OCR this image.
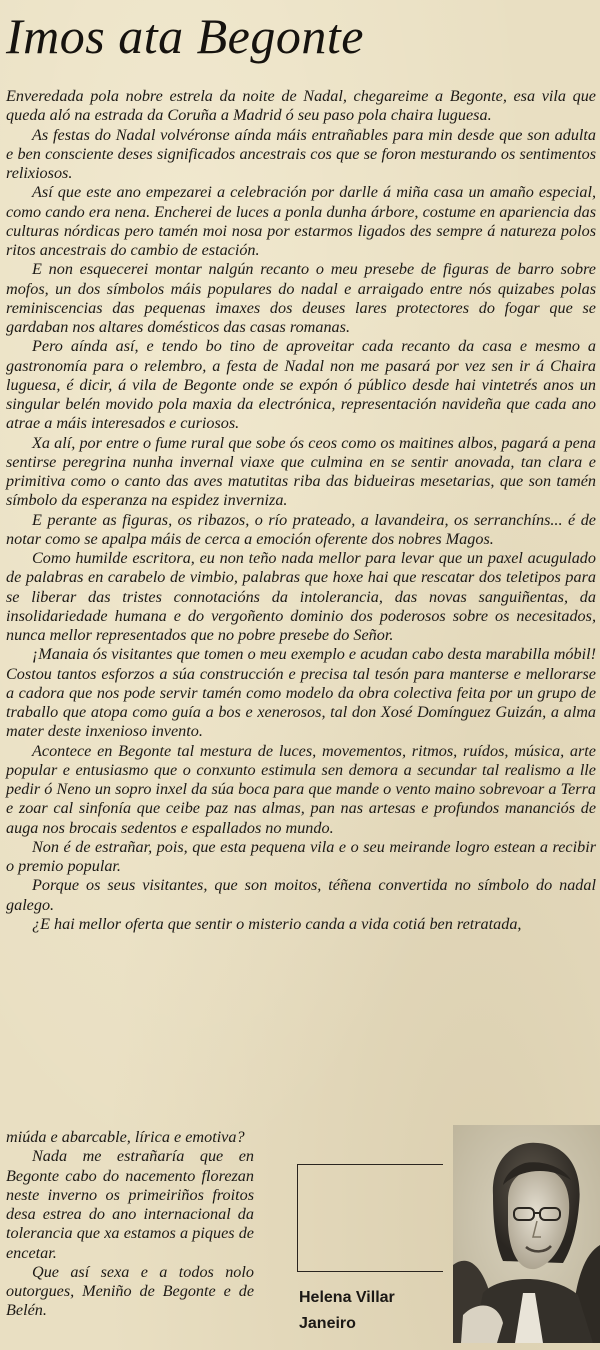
Imos ata Begonte

Enveredada pola nobre estrela da noite de Nadal, chegareime a Begonte, esa vila que queda aló na estrada da Coruña a Madrid ó seu paso pola chaira luguesa.

As festas do Nadal volvéronse aínda máis entrañables para min desde que son adulta e ben consciente deses significados ancestrais cos que se foron mesturando os sentimentos relixiosos.

Así que este ano empezarei a celebración por darlle á miña casa un amaño especial, como cando era nena. Encherei de luces a ponla dunha árbore, costume en apariencia das culturas nórdicas pero tamén moi nosa por estarmos ligados des sempre á natureza polos ritos ancestrais do cambio de estación.

E non esquecerei montar nalgún recanto o meu presebe de figuras de barro sobre mofos, un dos símbolos máis populares do nadal e arraigado entre nós quizabes polas reminiscencias das pequenas imaxes dos deuses lares protectores do fogar que se gardaban nos altares domésticos das casas romanas.

Pero aínda así, e tendo bo tino de aproveitar cada recanto da casa e mesmo a gastronomía para o relembro, a festa de Nadal non me pasará por vez sen ir á Chaira luguesa, é dicir, á vila de Begonte onde se expón ó público desde hai vintetrés anos un singular belén movido pola maxia da electrónica, representación navideña que cada ano atrae a máis interesados e curiosos.

Xa alí, por entre o fume rural que sobe ós ceos como os maitines albos, pagará a pena sentirse peregrina nunha invernal viaxe que culmina en se sentir anovada, tan clara e primitiva como o canto das aves matutitas riba das bidueiras mesetarias, que son tamén símbolo da esperanza na espidez inverniza.

E perante as figuras, os ribazos, o río prateado, a lavandeira, os serranchíns... é de notar como se apalpa máis de cerca a emoción oferente dos nobres Magos.

Como humilde escritora, eu non teño nada mellor para levar que un paxel acugulado de palabras en carabelo de vimbio, palabras que hoxe hai que rescatar dos teletipos para se liberar das tristes connotacións da intolerancia, das novas sanguiñentas, da insolidariedade humana e do vergoñento dominio dos poderosos sobre os necesitados, nunca mellor representados que no pobre presebe do Señor.

¡Manaia ós visitantes que tomen o meu exemplo e acudan cabo desta marabilla móbil! Costou tantos esforzos a súa construcción e precisa tal tesón para manterse e mellorarse a cadora que nos pode servir tamén como modelo da obra colectiva feita por un grupo de traballo que atopa como guía a bos e xenerosos, tal don Xosé Domínguez Guizán, a alma mater deste inxenioso invento.

Acontece en Begonte tal mestura de luces, movementos, ritmos, ruídos, música, arte popular e entusiasmo que o conxunto estimula sen demora a secundar tal realismo a lle pedir ó Neno un sopro inxel da súa boca para que mande o vento maino sobrevoar a Terra e zoar cal sinfonía que ceibe paz nas almas, pan nas artesas e profundos mananciós de auga nos brocais sedentos e espallados no mundo.

Non é de estrañar, pois, que esta pequena vila e o seu meirande logro estean a recibir o premio popular.

Porque os seus visitantes, que son moitos, téñena convertida no símbolo do nadal galego.

¿E hai mellor oferta que sentir o misterio canda a vida cotiá ben retratada,

miúda e abarcable, lírica e emotiva?

Nada me estrañaría que en Begonte cabo do nacemento florezan neste inverno os primeiriños froitos desa estrea do ano internacional da tolerancia que xa estamos a piques de encetar.

Que así sexa e a todos nolo outorgues, Meniño de Begonte e de Belén.

Helena Villar
Janeiro
